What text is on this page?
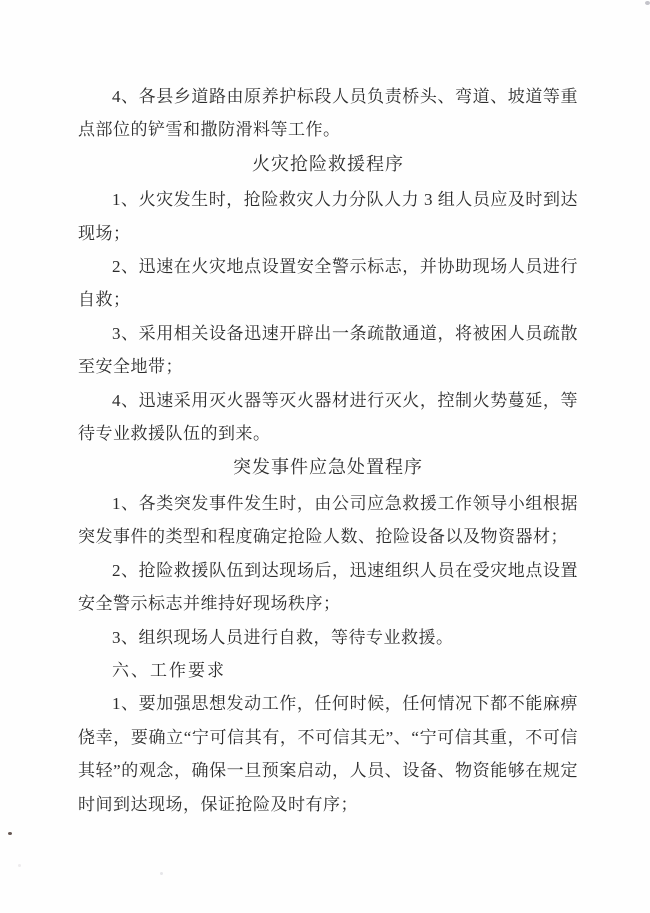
4、各县乡道路由原养护标段人员负责桥头、弯道、坡道等重点部位的铲雪和撒防滑料等工作。

火灾抢险救援程序

1、火灾发生时，抢险救灾人力分队人力 3 组人员应及时到达现场；

2、迅速在火灾地点设置安全警示标志，并协助现场人员进行自救；

3、采用相关设备迅速开辟出一条疏散通道，将被困人员疏散至安全地带；

4、迅速采用灭火器等灭火器材进行灭火，控制火势蔓延，等待专业救援队伍的到来。

突发事件应急处置程序

1、各类突发事件发生时，由公司应急救援工作领导小组根据突发事件的类型和程度确定抢险人数、抢险设备以及物资器材；

2、抢险救援队伍到达现场后，迅速组织人员在受灾地点设置安全警示标志并维持好现场秩序；

3、组织现场人员进行自救，等待专业救援。

六、工作要求

1、要加强思想发动工作，任何时候，任何情况下都不能麻痹侥幸，要确立“宁可信其有，不可信其无”、“宁可信其重，不可信其轻”的观念，确保一旦预案启动，人员、设备、物资能够在规定时间到达现场，保证抢险及时有序；
